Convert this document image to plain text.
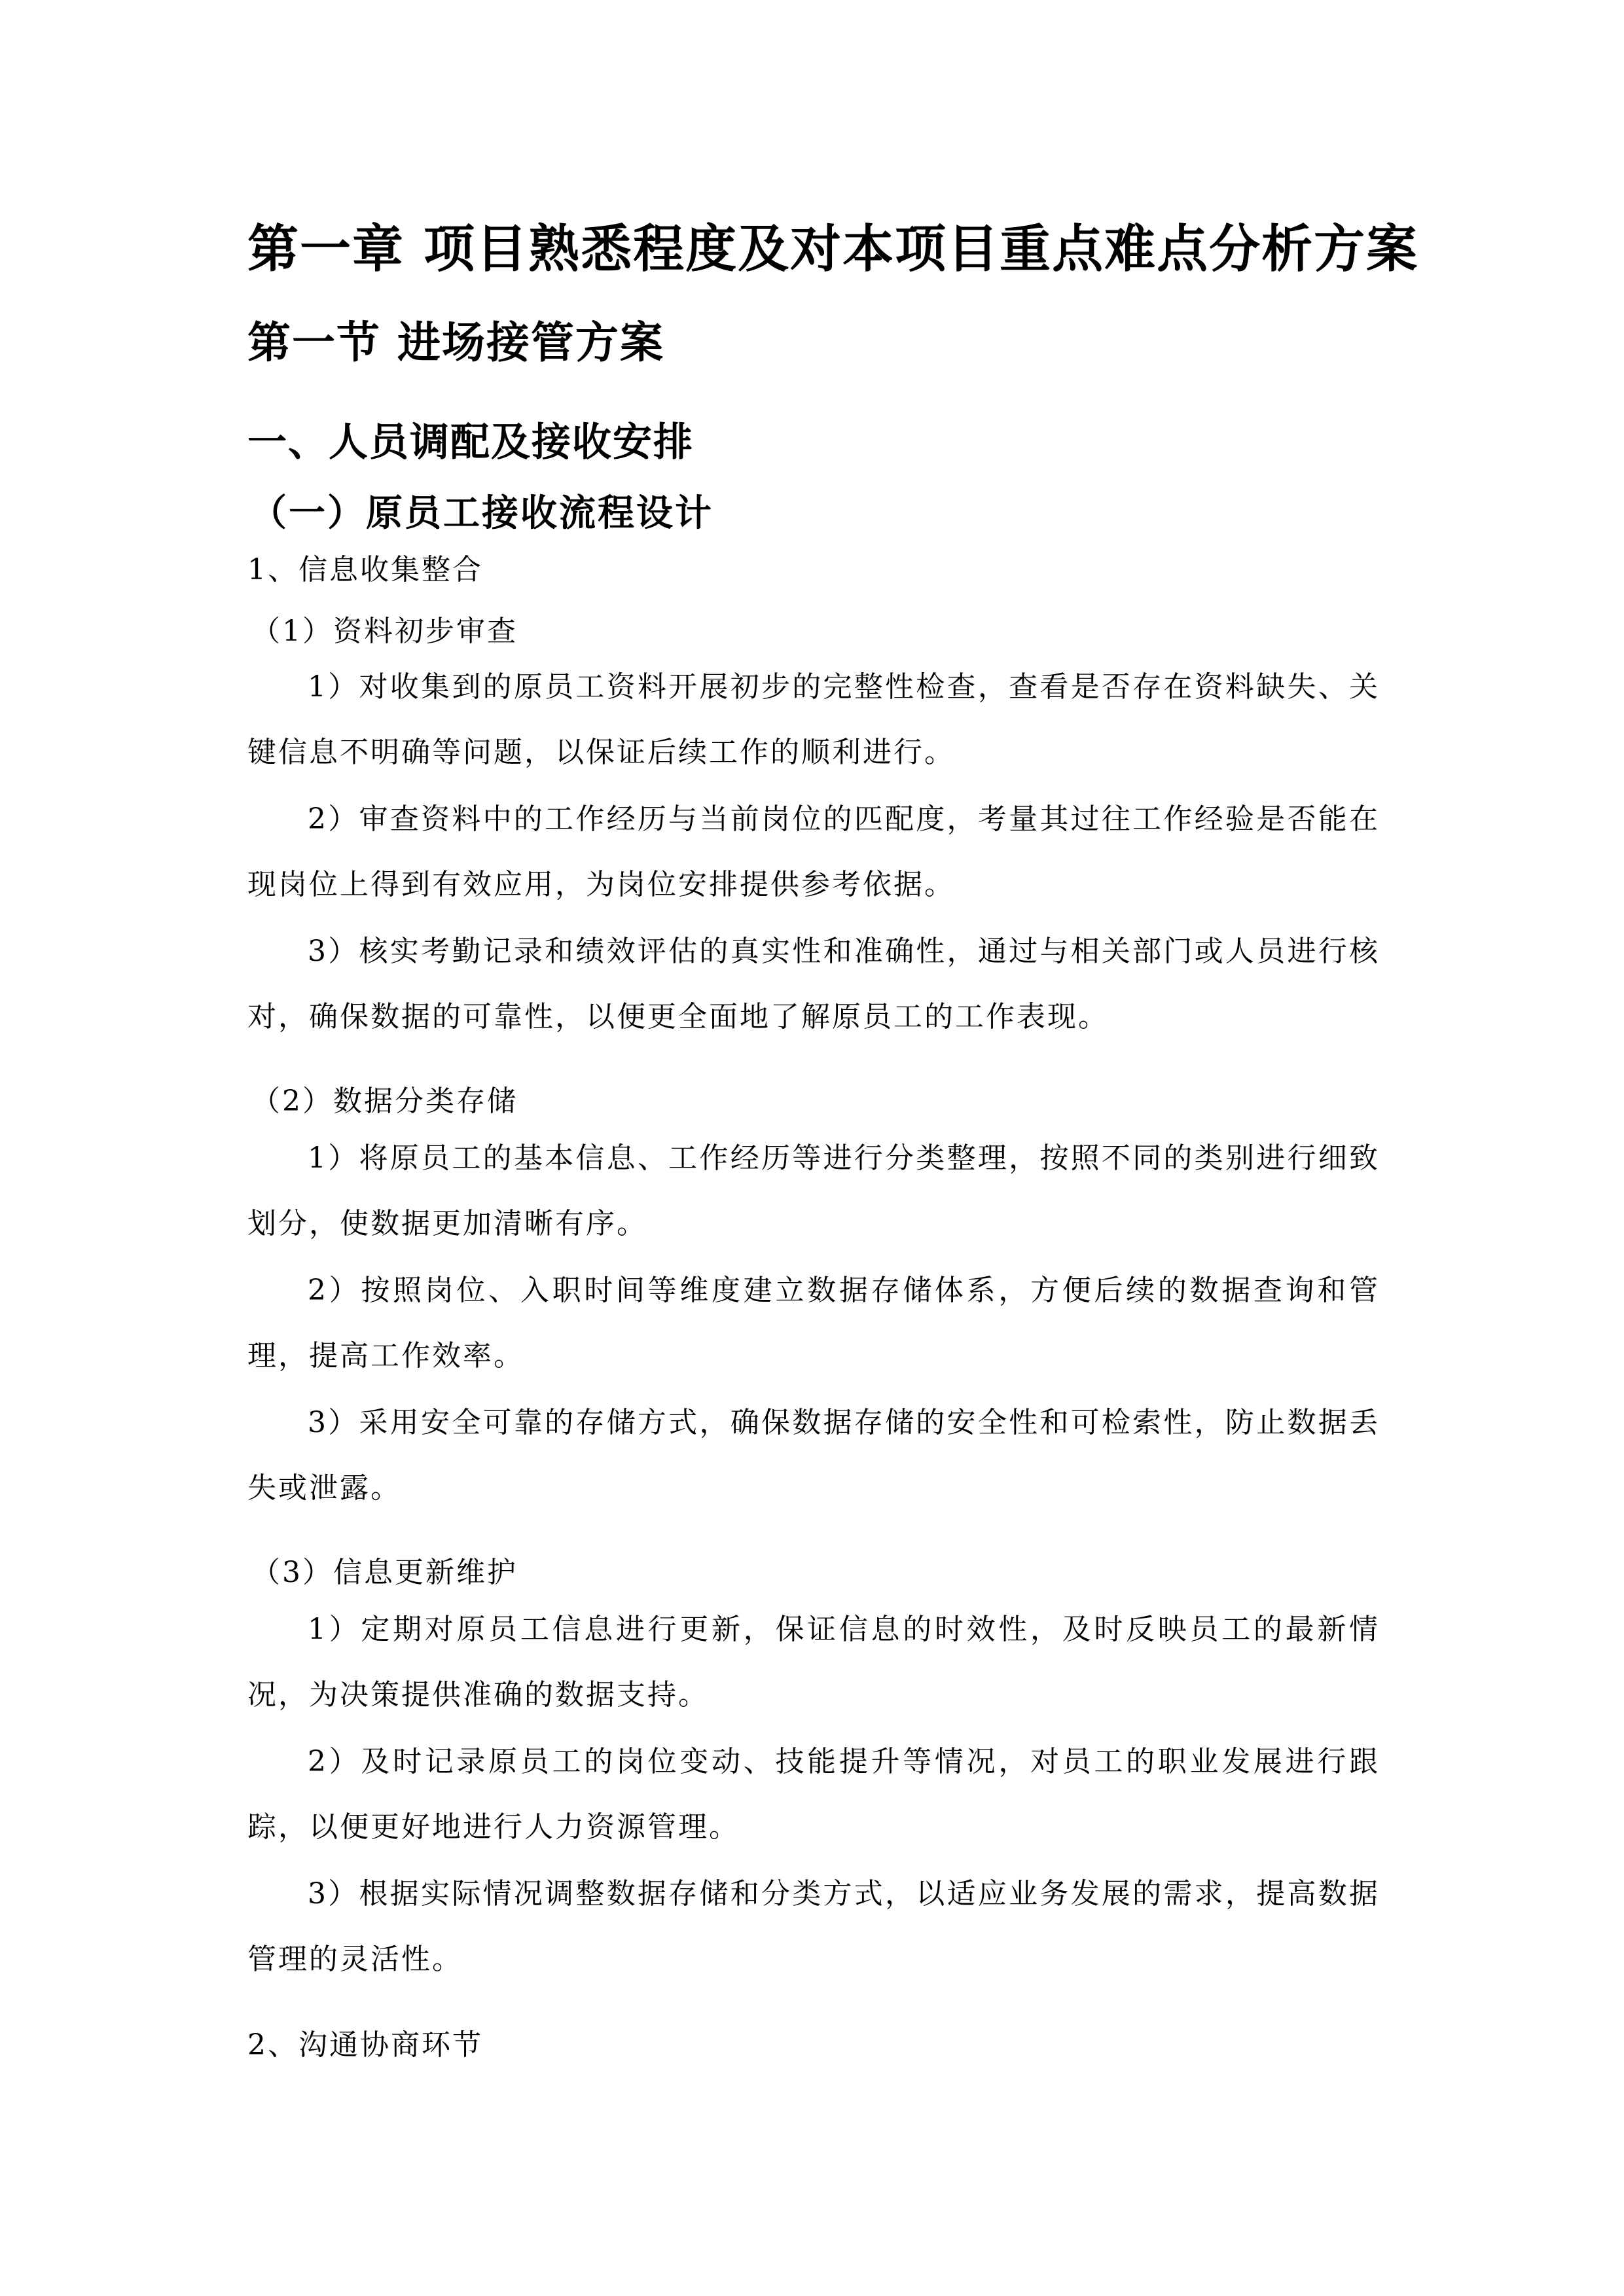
第一章 项目熟悉程度及对本项目重点难点分析方案
第一节 进场接管方案
一、人员调配及接收安排
（一）原员工接收流程设计
1、信息收集整合
（1）资料初步审查

1）对收集到的原员工资料开展初步的完整性检查，查看是否存在资料缺失、关键信息不明确等问题，以保证后续工作的顺利进行。

2）审查资料中的工作经历与当前岗位的匹配度，考量其过往工作经验是否能在现岗位上得到有效应用，为岗位安排提供参考依据。

3）核实考勤记录和绩效评估的真实性和准确性，通过与相关部门或人员进行核对，确保数据的可靠性，以便更全面地了解原员工的工作表现。

（2）数据分类存储

1）将原员工的基本信息、工作经历等进行分类整理，按照不同的类别进行细致划分，使数据更加清晰有序。

2）按照岗位、入职时间等维度建立数据存储体系，方便后续的数据查询和管理，提高工作效率。

3）采用安全可靠的存储方式，确保数据存储的安全性和可检索性，防止数据丢失或泄露。

（3）信息更新维护

1）定期对原员工信息进行更新，保证信息的时效性，及时反映员工的最新情况，为决策提供准确的数据支持。

2）及时记录原员工的岗位变动、技能提升等情况，对员工的职业发展进行跟踪，以便更好地进行人力资源管理。

3）根据实际情况调整数据存储和分类方式，以适应业务发展的需求，提高数据管理的灵活性。

2、沟通协商环节
